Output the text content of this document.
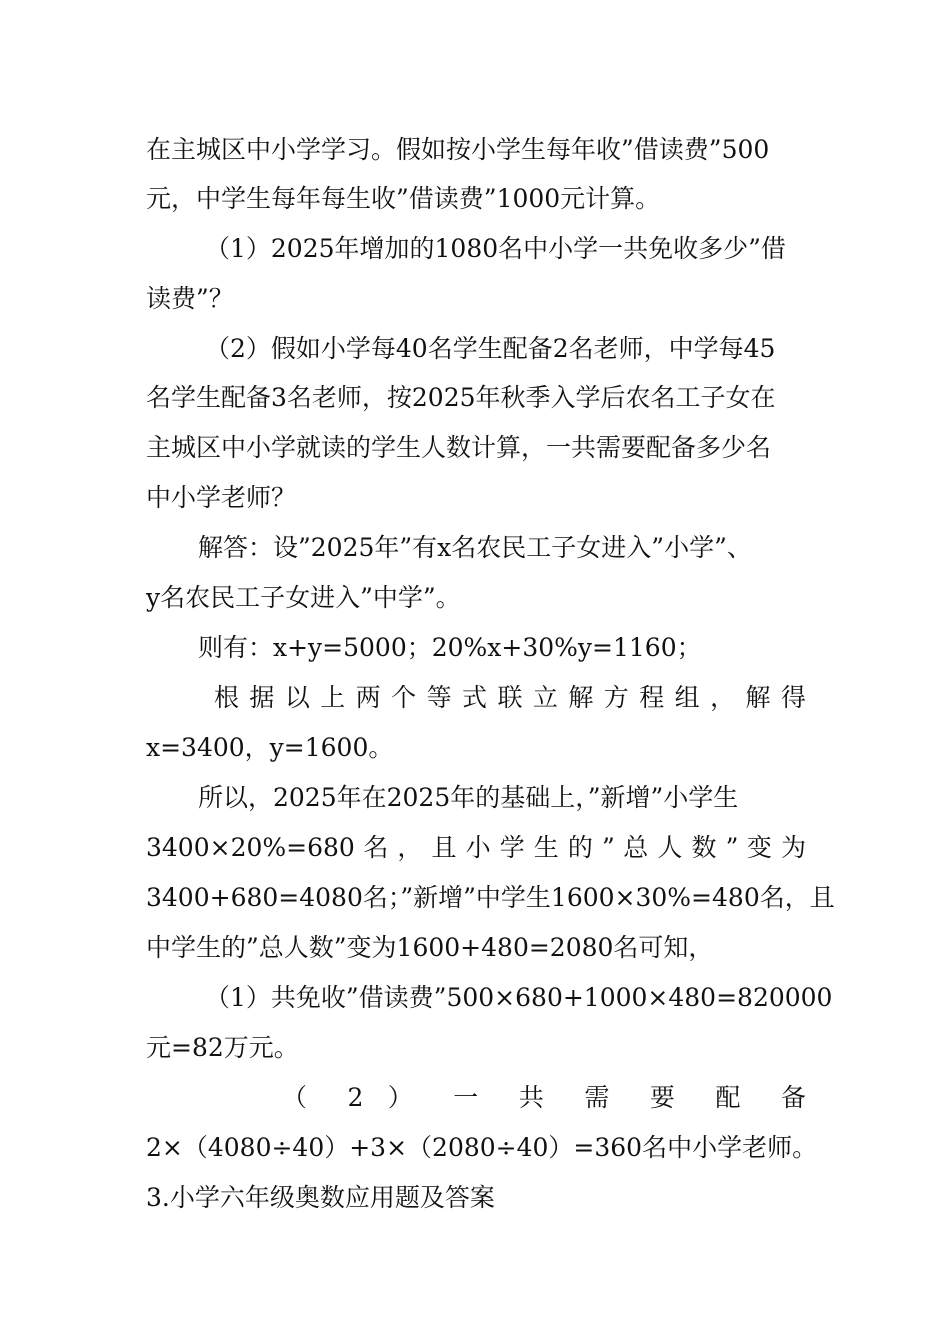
在主城区中小学学习。假如按小学生每年收”借读费”500
元，中学生每年每生收”借读费”1000元计算。
（1）2025年增加的1080名中小学一共免收多少”借
读费”？
（2）假如小学每40名学生配备2名老师，中学每45
名学生配备3名老师，按2025年秋季入学后农名工子女在
主城区中小学就读的学生人数计算，一共需要配备多少名
中小学老师？
解答：设”2025年”有x名农民工子女进入”小学”、
y名农民工子女进入”中学”。
则有：x+y=5000；20%x+30%y=1160；
根 据 以 上 两 个 等 式 联 立 解 方 程 组 ， 解 得
x=3400，y=1600。
所以，2025年在2025年的基础上，”新增”小学生
3400×20%=680 名 ， 且 小 学 生 的 ” 总 人 数 ” 变 为
3400+680=4080名；”新增”中学生1600×30%=480名，且
中学生的”总人数”变为1600+480=2080名可知，
（1）共免收”借读费”500×680+1000×480=820000
元=82万元。
（ 2 ） 一 共 需 要 配 备
2×（4080÷40）+3×（2080÷40）=360名中小学老师。
3.小学六年级奥数应用题及答案
